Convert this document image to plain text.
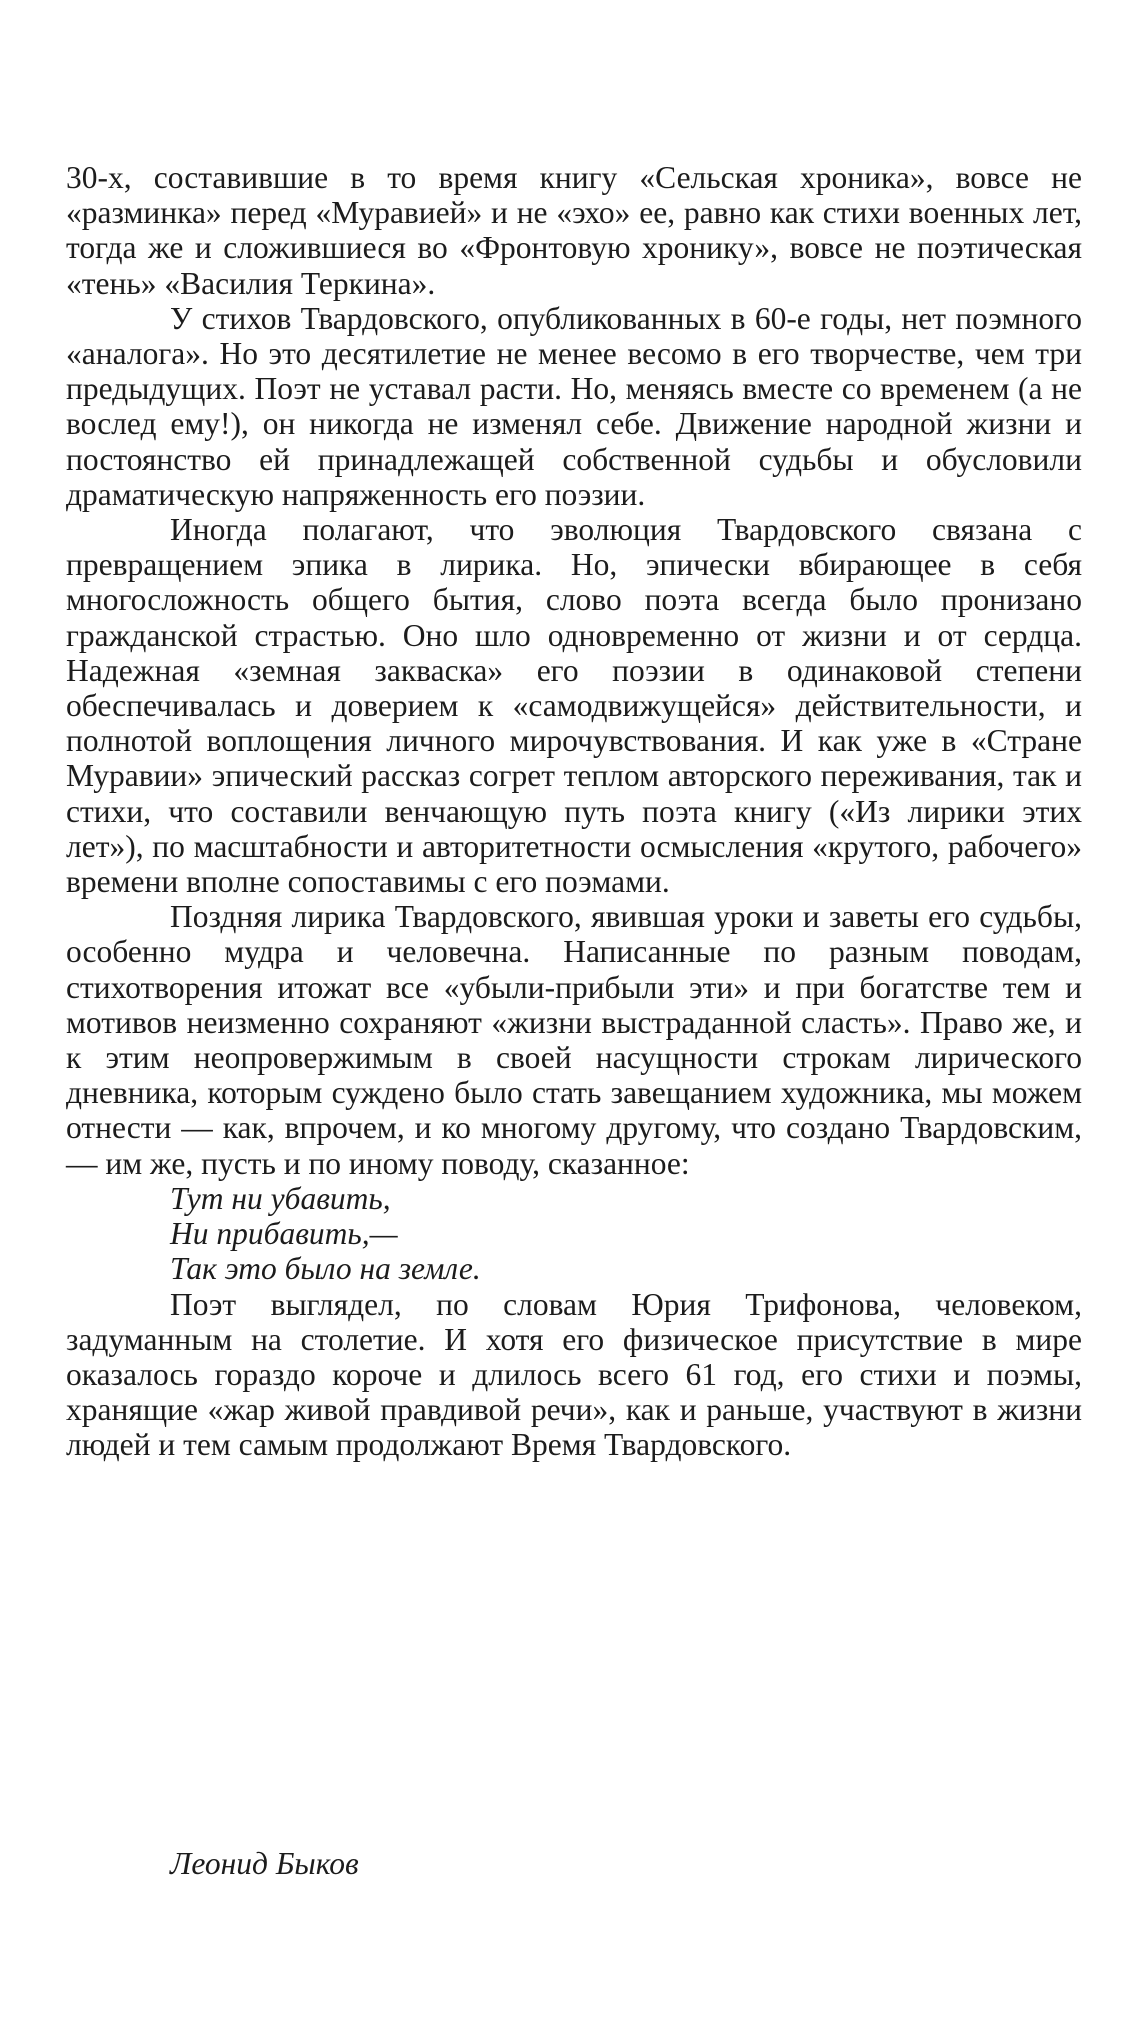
30-х, составившие в то время книгу «Сельская хроника», вовсе не «разминка» перед «Муравией» и не «эхо» ее, равно как стихи военных лет, тогда же и сложившиеся во «Фронтовую хронику», вовсе не поэтическая «тень» «Василия Теркина».

У стихов Твардовского, опубликованных в 60-е годы, нет поэмного «аналога». Но это десятилетие не менее весомо в его творчестве, чем три предыдущих. Поэт не уставал расти. Но, меняясь вместе со временем (а не вослед ему!), он никогда не изменял себе. Движение народной жизни и постоянство ей принадлежащей собственной судьбы и обусловили драматическую напряженность его поэзии.

Иногда полагают, что эволюция Твардовского связана с превращением эпика в лирика. Но, эпически вбирающее в себя многосложность общего бытия, слово поэта всегда было пронизано гражданской страстью. Оно шло одновременно от жизни и от сердца. Надежная «земная закваска» его поэзии в одинаковой степени обеспечивалась и доверием к «самодвижущейся» действительности, и полнотой воплощения личного мирочувствования. И как уже в «Стране Муравии» эпический рассказ согрет теплом авторского переживания, так и стихи, что составили венчающую путь поэта книгу («Из лирики этих лет»), по масштабности и авторитетности осмысления «крутого, рабочего» времени вполне сопоставимы с его поэмами.

Поздняя лирика Твардовского, явившая уроки и заветы его судьбы, особенно мудра и человечна. Написанные по разным поводам, стихотворения итожат все «убыли-прибыли эти» и при богатстве тем и мотивов неизменно сохраняют «жизни выстраданной сласть». Право же, и к этим неопровержимым в своей насущности строкам лирического дневника, которым суждено было стать завещанием художника, мы можем отнести — как, впрочем, и ко многому другому, что создано Твардовским,— им же, пусть и по иному поводу, сказанное:

Тут ни убавить,
Ни прибавить,—
Так это было на земле.

Поэт выглядел, по словам Юрия Трифонова, человеком, задуманным на столетие. И хотя его физическое присутствие в мире оказалось гораздо короче и длилось всего 61 год, его стихи и поэмы, хранящие «жар живой правдивой речи», как и раньше, участвуют в жизни людей и тем самым продолжают Время Твардовского.

Леонид Быков
